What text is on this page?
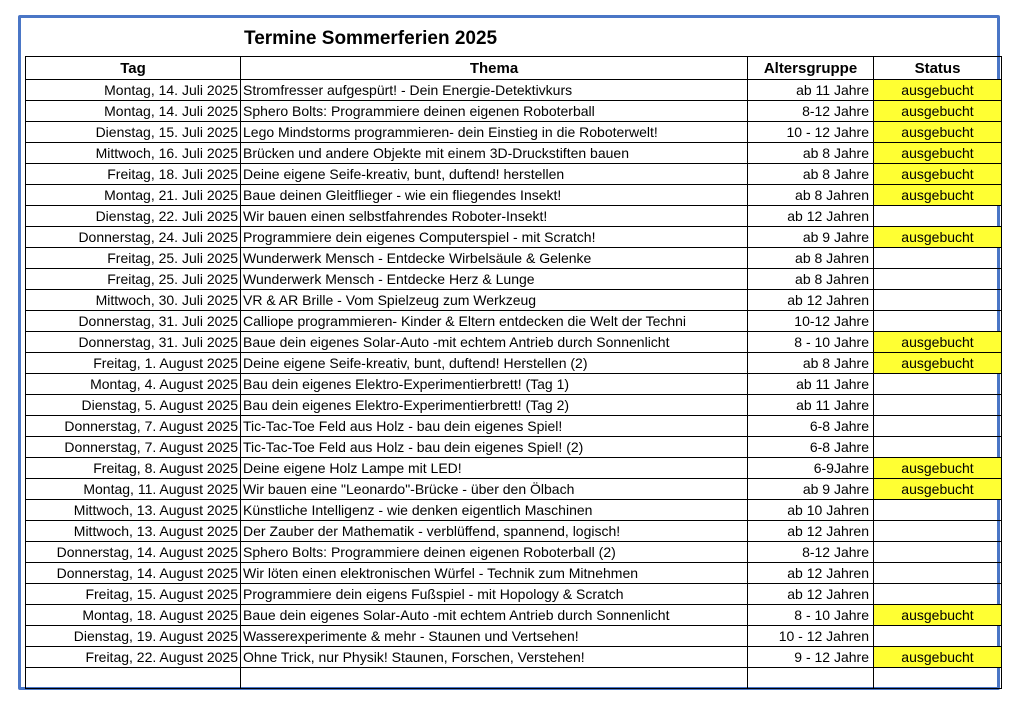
Termine Sommerferien 2025
Tag	Thema	Altersgruppe	Status
Montag, 14. Juli 2025	Stromfresser aufgespürt! - Dein Energie-Detektivkurs	ab 11 Jahre	ausgebucht
Montag, 14. Juli 2025	Sphero Bolts: Programmiere deinen eigenen Roboterball	8-12 Jahre	ausgebucht
Dienstag, 15. Juli 2025	Lego Mindstorms programmieren- dein Einstieg in die Roboterwelt!	10 - 12 Jahre	ausgebucht
Mittwoch, 16. Juli 2025	Brücken und andere Objekte mit einem 3D-Druckstiften bauen	ab 8 Jahre	ausgebucht
Freitag, 18. Juli 2025	Deine eigene Seife-kreativ, bunt, duftend! herstellen	ab 8 Jahre	ausgebucht
Montag, 21. Juli 2025	Baue deinen Gleitflieger - wie ein fliegendes Insekt!	ab 8 Jahren	ausgebucht
Dienstag, 22. Juli 2025	Wir bauen einen selbstfahrendes Roboter-Insekt!	ab 12 Jahren	
Donnerstag, 24. Juli 2025	Programmiere dein eigenes Computerspiel - mit Scratch!	ab 9 Jahre	ausgebucht
Freitag, 25. Juli 2025	Wunderwerk Mensch - Entdecke Wirbelsäule & Gelenke	ab 8 Jahren	
Freitag, 25. Juli 2025	Wunderwerk Mensch - Entdecke Herz & Lunge	ab 8 Jahren	
Mittwoch, 30. Juli 2025	VR & AR Brille - Vom Spielzeug zum Werkzeug	ab 12 Jahren	
Donnerstag, 31. Juli 2025	Calliope programmieren- Kinder & Eltern entdecken die Welt der Techni	10-12 Jahre	
Donnerstag, 31. Juli 2025	Baue dein eigenes Solar-Auto -mit echtem Antrieb durch Sonnenlicht	8 - 10 Jahre	ausgebucht
Freitag, 1. August 2025	Deine eigene Seife-kreativ, bunt, duftend! Herstellen (2)	ab 8 Jahre	ausgebucht
Montag, 4. August 2025	Bau dein eigenes Elektro-Experimentierbrett! (Tag 1)	ab 11 Jahre	
Dienstag, 5. August 2025	Bau dein eigenes Elektro-Experimentierbrett! (Tag 2)	ab 11 Jahre	
Donnerstag, 7. August 2025	Tic-Tac-Toe Feld aus Holz - bau dein eigenes Spiel!	6-8 Jahre	
Donnerstag, 7. August 2025	Tic-Tac-Toe Feld aus Holz - bau dein eigenes Spiel! (2)	6-8 Jahre	
Freitag, 8. August 2025	Deine eigene Holz Lampe mit LED!	6-9Jahre	ausgebucht
Montag, 11. August 2025	Wir bauen eine "Leonardo"-Brücke - über den Ölbach	ab 9 Jahre	ausgebucht
Mittwoch, 13. August 2025	Künstliche Intelligenz - wie denken eigentlich Maschinen	ab 10 Jahren	
Mittwoch, 13. August 2025	Der Zauber der Mathematik - verblüffend, spannend, logisch!	ab 12 Jahren	
Donnerstag, 14. August 2025	Sphero Bolts: Programmiere deinen eigenen Roboterball (2)	8-12 Jahre	
Donnerstag, 14. August 2025	Wir löten einen elektronischen Würfel - Technik zum Mitnehmen	ab 12 Jahren	
Freitag, 15. August 2025	Programmiere dein eigens Fußspiel - mit Hopology & Scratch	ab 12 Jahren	
Montag, 18. August 2025	Baue dein eigenes Solar-Auto -mit echtem Antrieb durch Sonnenlicht	8 - 10 Jahre	ausgebucht
Dienstag, 19. August 2025	Wasserexperimente & mehr - Staunen und Vertsehen!	10 - 12 Jahren	
Freitag, 22. August 2025	Ohne Trick, nur Physik! Staunen, Forschen, Verstehen!	9 - 12 Jahre	ausgebucht
